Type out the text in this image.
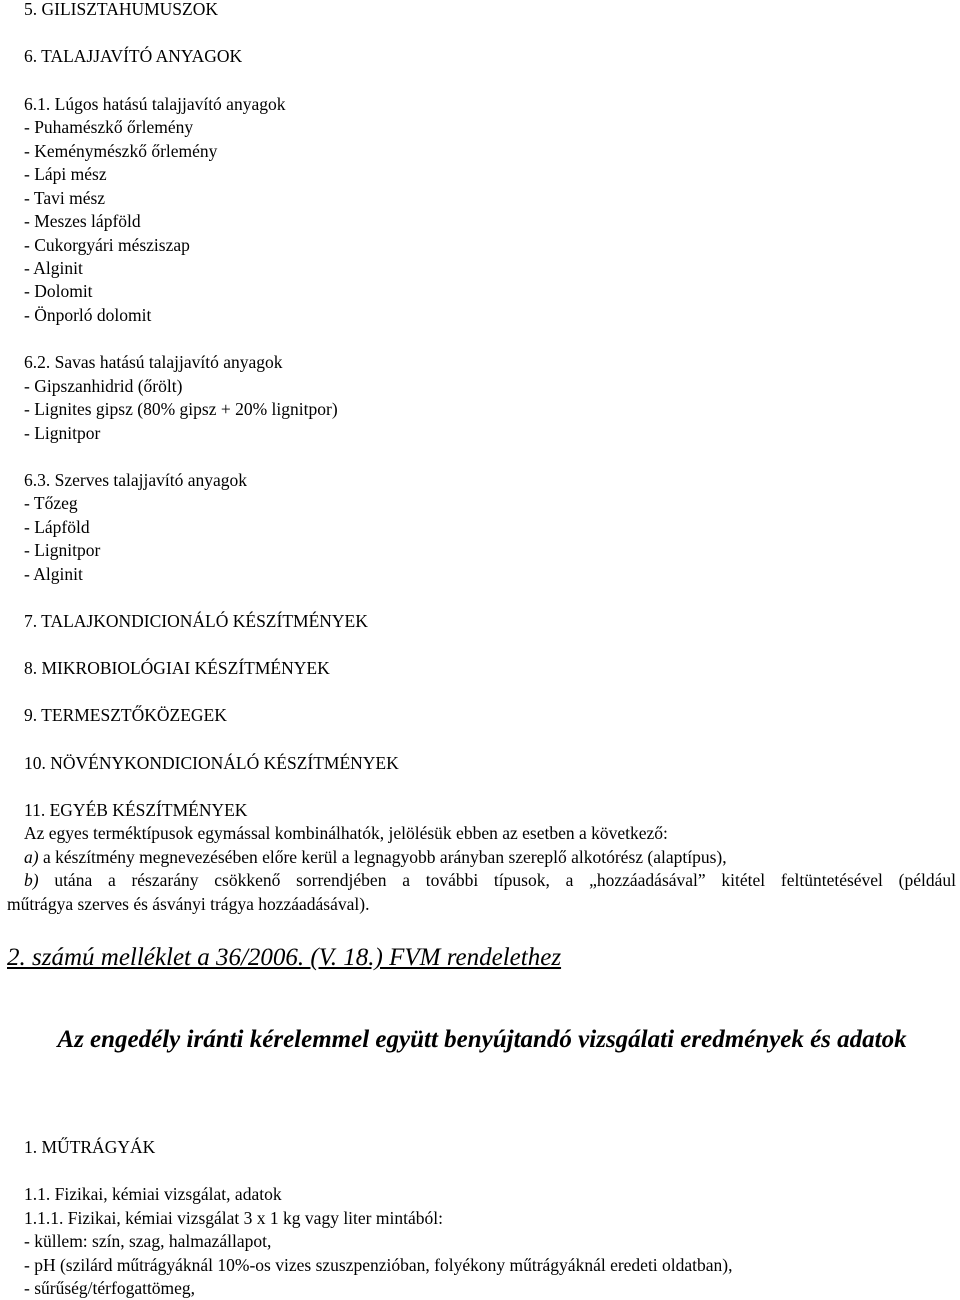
5. GILISZTAHUMUSZOK
6. TALAJJAVÍTÓ ANYAGOK
6.1. Lúgos hatású talajjavító anyagok
- Puhamészkő őrlemény
- Keménymészkő őrlemény
- Lápi mész
- Tavi mész
- Meszes lápföld
- Cukorgyári mésziszap
- Alginit
- Dolomit
- Önporló dolomit
6.2. Savas hatású talajjavító anyagok
- Gipszanhidrid (őrölt)
- Lignites gipsz (80% gipsz + 20% lignitpor)
- Lignitpor
6.3. Szerves talajjavító anyagok
- Tőzeg
- Lápföld
- Lignitpor
- Alginit
7. TALAJKONDICIONÁLÓ KÉSZÍTMÉNYEK
8. MIKROBIOLÓGIAI KÉSZÍTMÉNYEK
9. TERMESZTŐKÖZEGEK
10. NÖVÉNYKONDICIONÁLÓ KÉSZÍTMÉNYEK
11. EGYÉB KÉSZÍTMÉNYEK
Az egyes terméktípusok egymással kombinálhatók, jelölésük ebben az esetben a következő:
a) a készítmény megnevezésében előre kerül a legnagyobb arányban szereplő alkotórész (alaptípus),
b) utána a részarány csökkenő sorrendjében a további típusok, a „hozzáadásával” kitétel feltüntetésével (például
műtrágya szerves és ásványi trágya hozzáadásával).
2. számú melléklet a 36/2006. (V. 18.) FVM rendelethez
Az engedély iránti kérelemmel együtt benyújtandó vizsgálati eredmények és adatok
1. MŰTRÁGYÁK
1.1. Fizikai, kémiai vizsgálat, adatok
1.1.1. Fizikai, kémiai vizsgálat 3 x 1 kg vagy liter mintából:
- küllem: szín, szag, halmazállapot,
- pH (szilárd műtrágyáknál 10%-os vizes szuszpenzióban, folyékony műtrágyáknál eredeti oldatban),
- sűrűség/térfogattömeg,
